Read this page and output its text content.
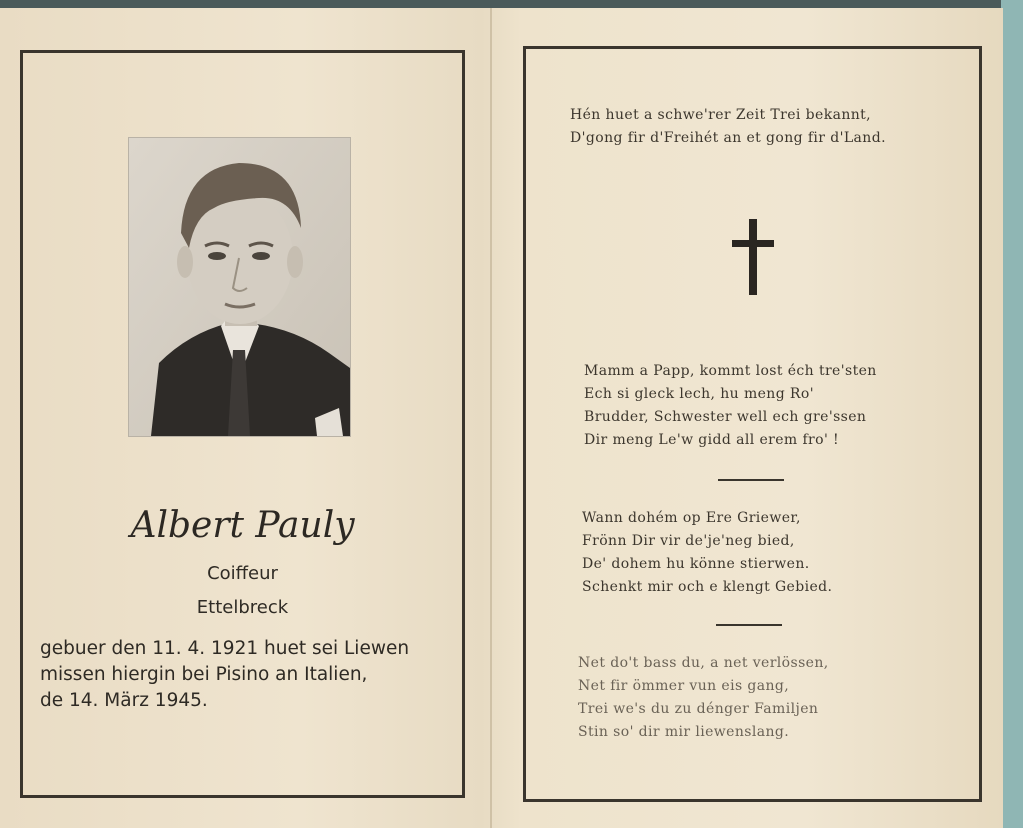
Albert Pauly
Coiffeur
Ettelbreck
gebuer den 11. 4. 1921 huet sei Liewen
missen hiergin bei Pisino an Italien,
de 14. März 1945.
Hén huet a schwe'rer Zeit Trei bekannt,
D'gong fir d'Freihét an et gong fir d'Land.
Mamm a Papp, kommt lost éch tre'sten
Ech si gleck lech, hu meng Ro'
Brudder, Schwester well ech gre'ssen
Dir meng Le'w gidd all erem fro' !
Wann dohém op Ere Griewer,
Frönn Dir vir de'je'neg bied,
De' dohem hu könne stierwen.
Schenkt mir och e klengt Gebied.
Net do't bass du, a net verlössen,
Net fir ömmer vun eis gang,
Trei we's du zu dénger Familjen
Stin so' dir mir liewenslang.
